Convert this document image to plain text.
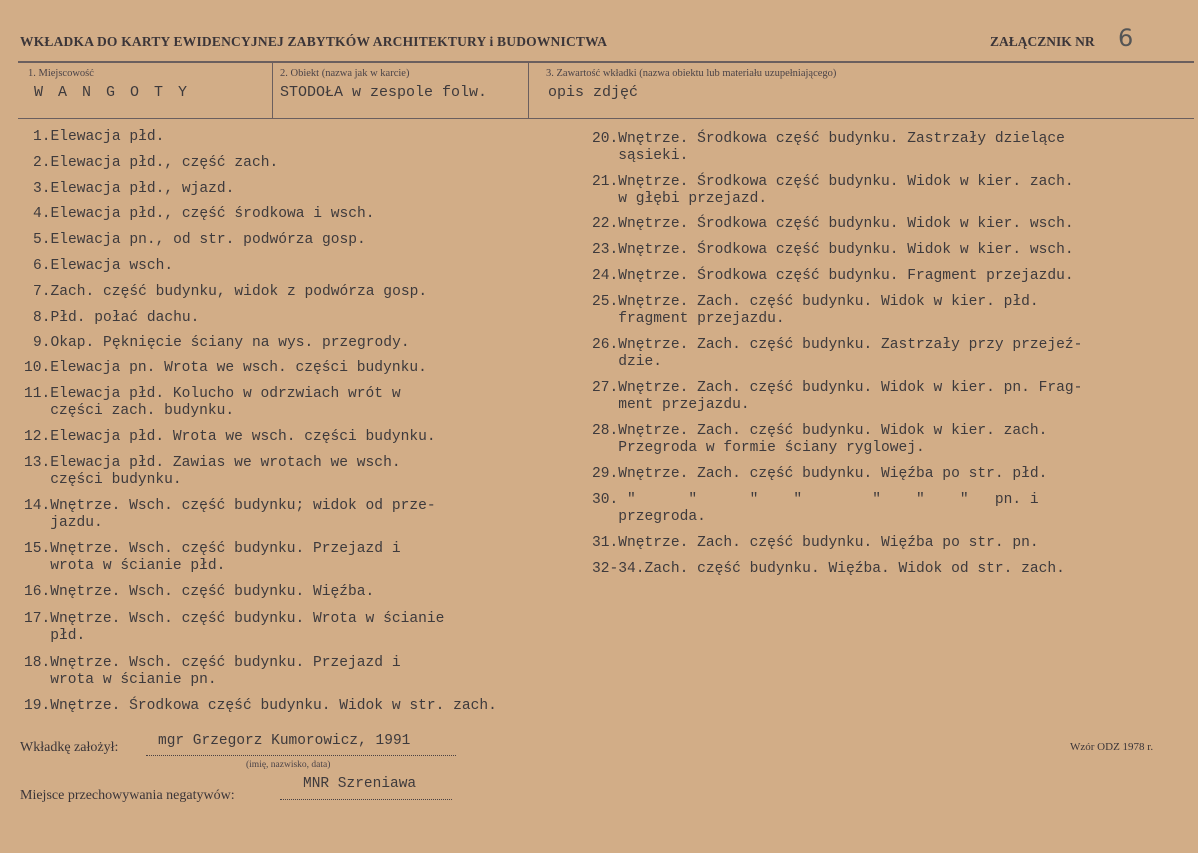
WKŁADKA DO KARTY EWIDENCYJNEJ ZABYTKÓW ARCHITEKTURY i BUDOWNICTWA	ZAŁĄCZNIK NR 6
1. Miejscowość
W A N G O T Y
2. Obiekt (nazwa jak w karcie)
STODOŁA w zespole folw.
3. Zawartość wkładki (nazwa obiektu lub materiału uzupełniającego)
opis zdjęć
1.Elewacja płd.
2.Elewacja płd., część zach.
3.Elewacja płd., wjazd.
4.Elewacja płd., część środkowa i wsch.
5.Elewacja pn., od str. podwórza gosp.
6.Elewacja wsch.
7.Zach. część budynku, widok z podwórza gosp.
8.Płd. połać dachu.
9.Okap. Pęknięcie ściany na wys. przegrody.
10.Elewacja pn. Wrota we wsch. części budynku.
11.Elewacja płd. Kolucho w odrzwiach wrót w
części zach. budynku.
12.Elewacja płd. Wrota we wsch. części budynku.
13.Elewacja płd. Zawias we wrotach we wsch.
części budynku.
14.Wnętrze. Wsch. część budynku; widok od prze-
jazdu.
15.Wnętrze. Wsch. część budynku. Przejazd i
wrota w ścianie płd.
16.Wnętrze. Wsch. część budynku. Więźba.
17.Wnętrze. Wsch. część budynku. Wrota w ścianie
płd.
18.Wnętrze. Wsch. część budynku. Przejazd i
wrota w ścianie pn.
19.Wnętrze. Środkowa część budynku. Widok w str. zach.
20.Wnętrze. Środkowa część budynku. Zastrzały dzielące
sąsieki.
21.Wnętrze. Środkowa część budynku. Widok w kier. zach.
w głębi przejazd.
22.Wnętrze. Środkowa część budynku. Widok w kier. wsch.
23.Wnętrze. Środkowa część budynku. Widok w kier. wsch.
24.Wnętrze. Środkowa część budynku. Fragment przejazdu.
25.Wnętrze. Zach. część budynku. Widok w kier. płd.
fragment przejazdu.
26.Wnętrze. Zach. część budynku. Zastrzały przy przejeź-
dzie.
27.Wnętrze. Zach. część budynku. Widok w kier. pn. Frag-
ment przejazdu.
28.Wnętrze. Zach. część budynku. Widok w kier. zach.
Przegroda w formie ściany ryglowej.
29.Wnętrze. Zach. część budynku. Więźba po str. płd.
30. "      "      "    "        "    "    "   pn. i
przegroda.
31.Wnętrze. Zach. część budynku. Więźba po str. pn.
32-34.Zach. część budynku. Więźba. Widok od str. zach.
Wkładkę założył:	mgr Grzegorz Kumorowicz, 1991
(imię, nazwisko, data)
Miejsce przechowywania negatywów:
MNR Szreniawa
Wzór ODZ 1978 r.
